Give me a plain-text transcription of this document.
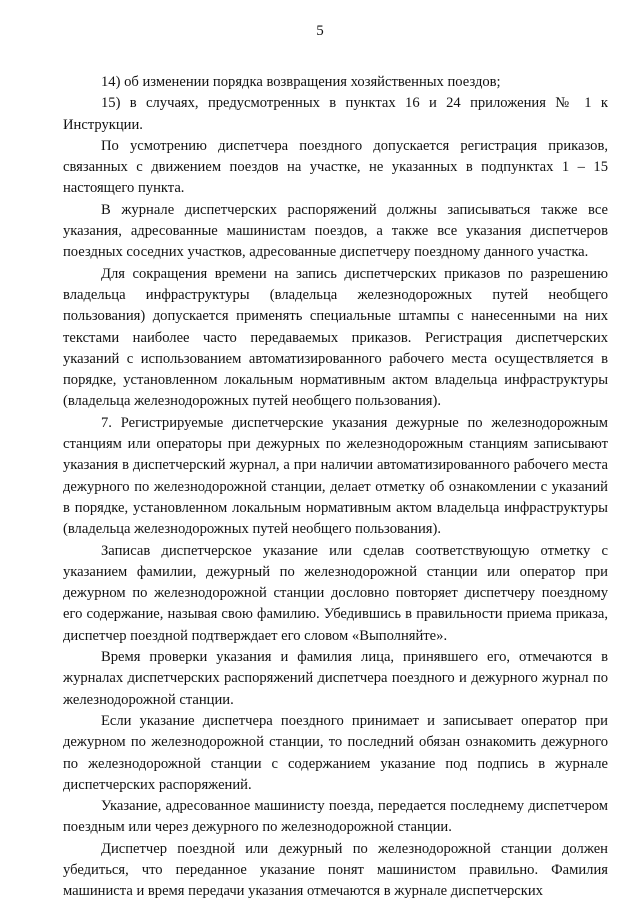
5

14) об изменении порядка возвращения хозяйственных поездов;

15) в случаях, предусмотренных в пунктах 16 и 24 приложения № 1 к Инструкции.

По усмотрению диспетчера поездного допускается регистрация приказов, связанных с движением поездов на участке, не указанных в подпунктах 1 – 15 настоящего пункта.

В журнале диспетчерских распоряжений должны записываться также все указания, адресованные машинистам поездов, а также все указания диспетчеров поездных соседних участков, адресованные диспетчеру поездному данного участка.

Для сокращения времени на запись диспетчерских приказов по разрешению владельца инфраструктуры (владельца железнодорожных путей необщего пользования) допускается применять специальные штампы с нанесенными на них текстами наиболее часто передаваемых приказов. Регистрация диспетчерских указаний с использованием автоматизированного рабочего места осуществляется в порядке, установленном локальным нормативным актом владельца инфраструктуры (владельца железнодорожных путей необщего пользования).

7. Регистрируемые диспетчерские указания дежурные по железнодорожным станциям или операторы при дежурных по железнодорожным станциям записывают указания в диспетчерский журнал, а при наличии автоматизированного рабочего места дежурного по железнодорожной станции, делает отметку об ознакомлении с указаний в порядке, установленном локальным нормативным актом владельца инфраструктуры (владельца железнодорожных путей необщего пользования).

Записав диспетчерское указание или сделав соответствующую отметку с указанием фамилии, дежурный по железнодорожной станции или оператор при дежурном по железнодорожной станции дословно повторяет диспетчеру поездному его содержание, называя свою фамилию. Убедившись в правильности приема приказа, диспетчер поездной подтверждает его словом «Выполняйте».

Время проверки указания и фамилия лица, принявшего его, отмечаются в журналах диспетчерских распоряжений диспетчера поездного и дежурного журнал по железнодорожной станции.

Если указание диспетчера поездного принимает и записывает оператор при дежурном по железнодорожной станции, то последний обязан ознакомить дежурного по железнодорожной станции с содержанием указание под подпись в журнале диспетчерских распоряжений.

Указание, адресованное машинисту поезда, передается последнему диспетчером поездным или через дежурного по железнодорожной станции.

Диспетчер поездной или дежурный по железнодорожной станции должен убедиться, что переданное указание понят машинистом правильно. Фамилия машиниста и время передачи указания отмечаются в журнале диспетчерских
